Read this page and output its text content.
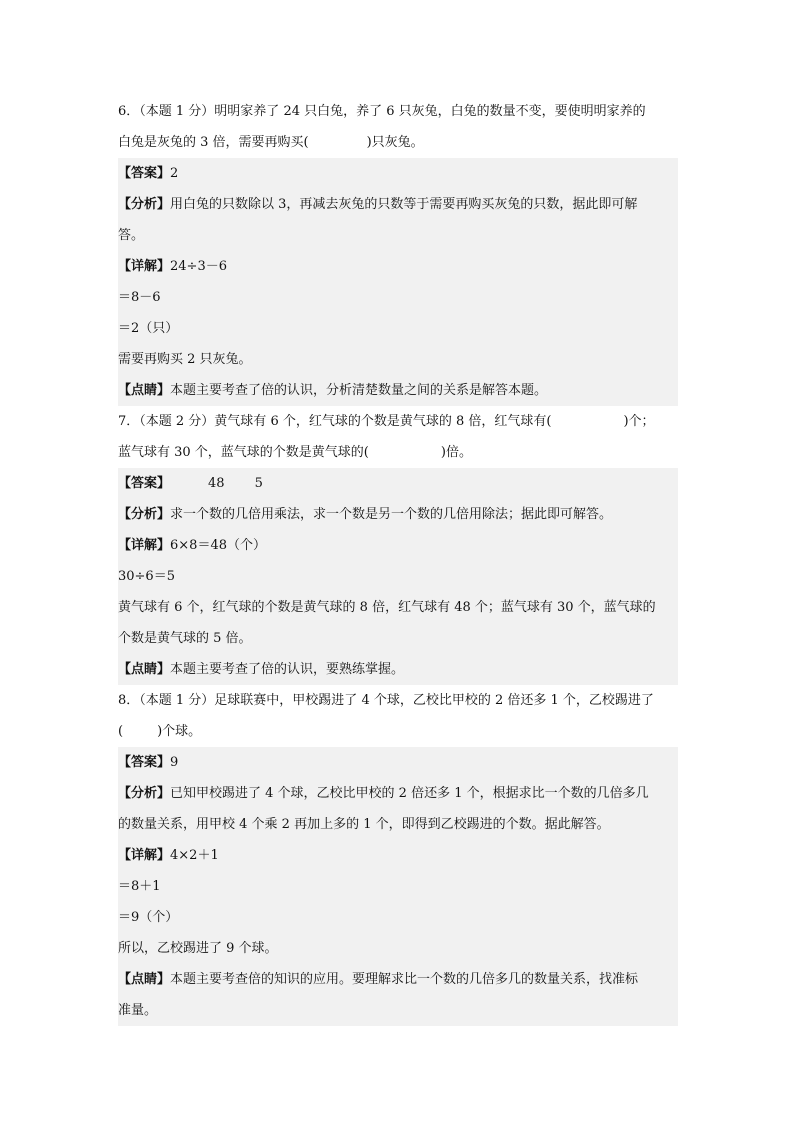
6．（本题 1 分）明明家养了 24 只白兔，养了 6 只灰兔，白兔的数量不变，要使明明家养的
白兔是灰兔的 3 倍，需要再购买(	)只灰兔。
【答案】2
【分析】用白兔的只数除以 3，再减去灰兔的只数等于需要再购买灰兔的只数，据此即可解
答。
【详解】24÷3－6
＝8－6
＝2（只）
需要再购买 2 只灰兔。
【点睛】本题主要考查了倍的认识，分析清楚数量之间的关系是解答本题。
7．（本题 2 分）黄气球有 6 个，红气球的个数是黄气球的 8 倍，红气球有(	)个；
蓝气球有 30 个，蓝气球的个数是黄气球的(	)倍。
【答案】	48 5
【分析】求一个数的几倍用乘法，求一个数是另一个数的几倍用除法；据此即可解答。
【详解】6×8＝48（个）
30÷6＝5
黄气球有 6 个，红气球的个数是黄气球的 8 倍，红气球有 48 个；蓝气球有 30 个，蓝气球的
个数是黄气球的 5 倍。
【点睛】本题主要考查了倍的认识，要熟练掌握。
8．（本题 1 分）足球联赛中，甲校踢进了 4 个球，乙校比甲校的 2 倍还多 1 个，乙校踢进了
(	)个球。
【答案】9
【分析】已知甲校踢进了 4 个球，乙校比甲校的 2 倍还多 1 个，根据求比一个数的几倍多几
的数量关系，用甲校 4 个乘 2 再加上多的 1 个，即得到乙校踢进的个数。据此解答。
【详解】4×2＋1
＝8＋1
＝9（个）
所以，乙校踢进了 9 个球。
【点睛】本题主要考查倍的知识的应用。要理解求比一个数的几倍多几的数量关系，找准标
准量。
